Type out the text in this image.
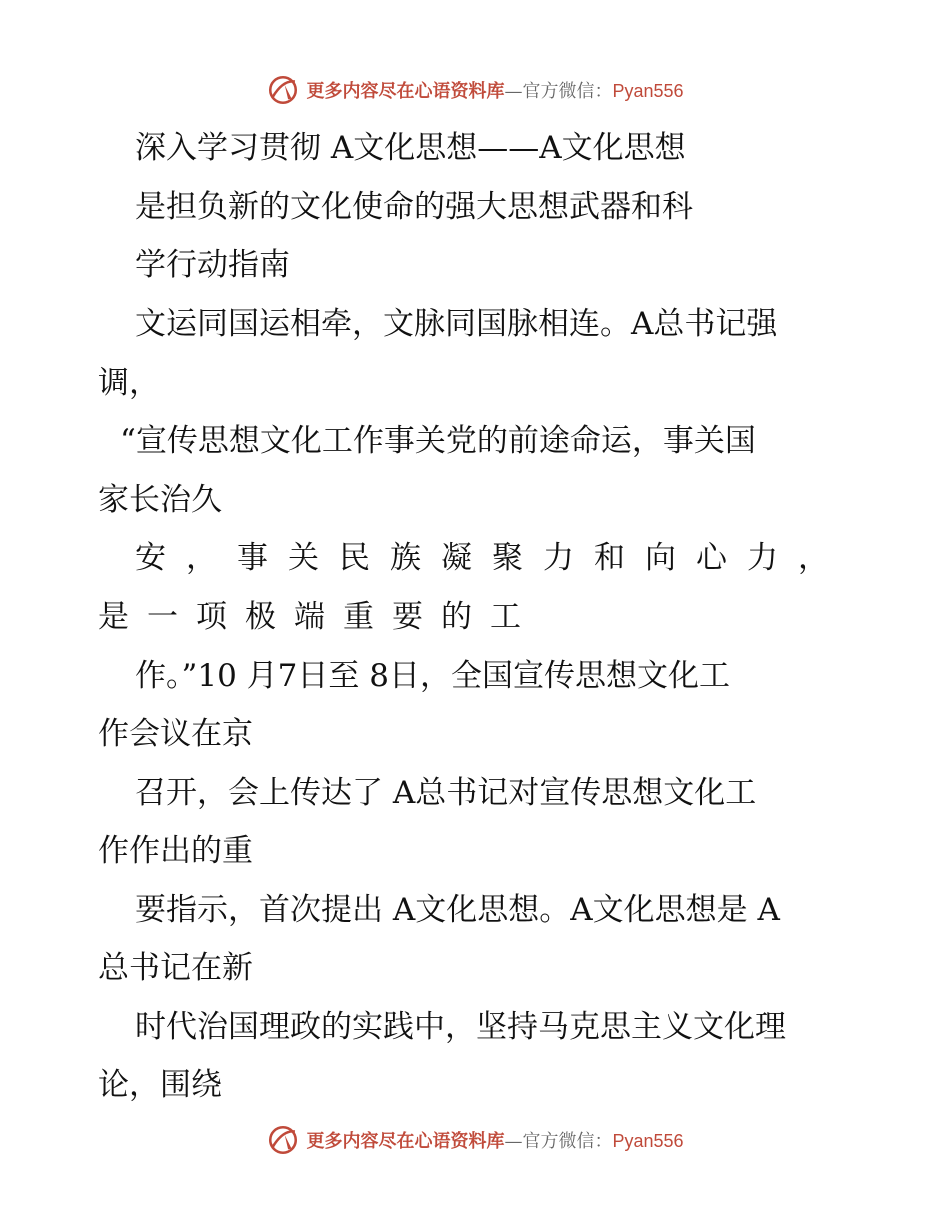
更多内容尽在心语资料库—官方微信：Pyan556
深入学习贯彻 A文化思想——A文化思想
是担负新的文化使命的强大思想武器和科
学行动指南
文运同国运相牵，文脉同国脉相连。A总书记强
调，
“宣传思想文化工作事关党的前途命运，事关国
家长治久
安，事关民族凝聚力和向心力，
是一项极端重要的工
作。”10 月7日至 8日，全国宣传思想文化工
作会议在京
召开，会上传达了 A总书记对宣传思想文化工
作作出的重
要指示，首次提出 A文化思想。A文化思想是 A
总书记在新
时代治国理政的实践中，坚持马克思主义文化理
论，围绕
更多内容尽在心语资料库—官方微信：Pyan556
